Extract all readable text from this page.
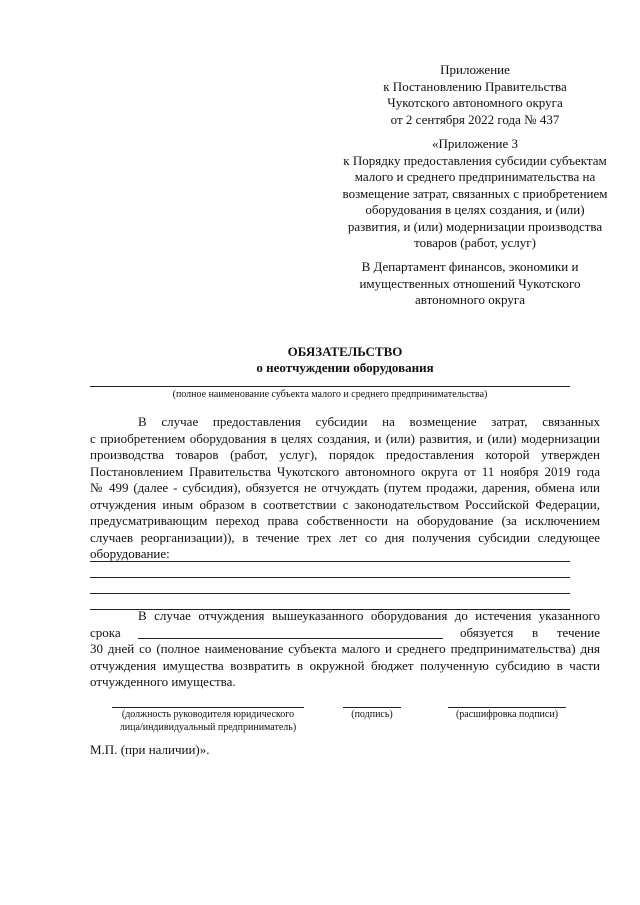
Приложение
к Постановлению Правительства
Чукотского автономного округа
от 2 сентября 2022 года № 437
«Приложение 3
к Порядку предоставления субсидии субъектам
малого и среднего предпринимательства на
возмещение затрат, связанных с приобретением
оборудования в целях создания, и (или)
развития, и (или) модернизации производства
товаров (работ, услуг)
В Департамент финансов, экономики и
имущественных отношений Чукотского
автономного округа
ОБЯЗАТЕЛЬСТВО
о неотчуждении оборудования
(полное наименование субъекта малого и среднего предпринимательства)
В случае предоставления субсидии на возмещение затрат, связанных
с приобретением оборудования в целях создания, и (или) развития, и (или) модернизации
производства товаров (работ, услуг), порядок предоставления которой утвержден
Постановлением Правительства Чукотского автономного округа от 11 ноября 2019 года
№ 499 (далее - субсидия), обязуется не отчуждать (путем продажи, дарения, обмена или
отчуждения иным образом в соответствии с законодательством Российской Федерации,
предусматривающим переход права собственности на оборудование (за исключением
случаев реорганизации)), в течение трех лет со дня получения субсидии следующее
оборудование:
В случае отчуждения вышеуказанного оборудования до истечения указанного
срока	обязуется в течение
30 дней со (полное наименование субъекта малого и среднего предпринимательства) дня
отчуждения имущества возвратить в окружной бюджет полученную субсидию в части
отчужденного имущества.
(должность руководителя юридического
лица/индивидуальный предприниматель)
(подпись)	(расшифровка подписи)
М.П. (при наличии)».
